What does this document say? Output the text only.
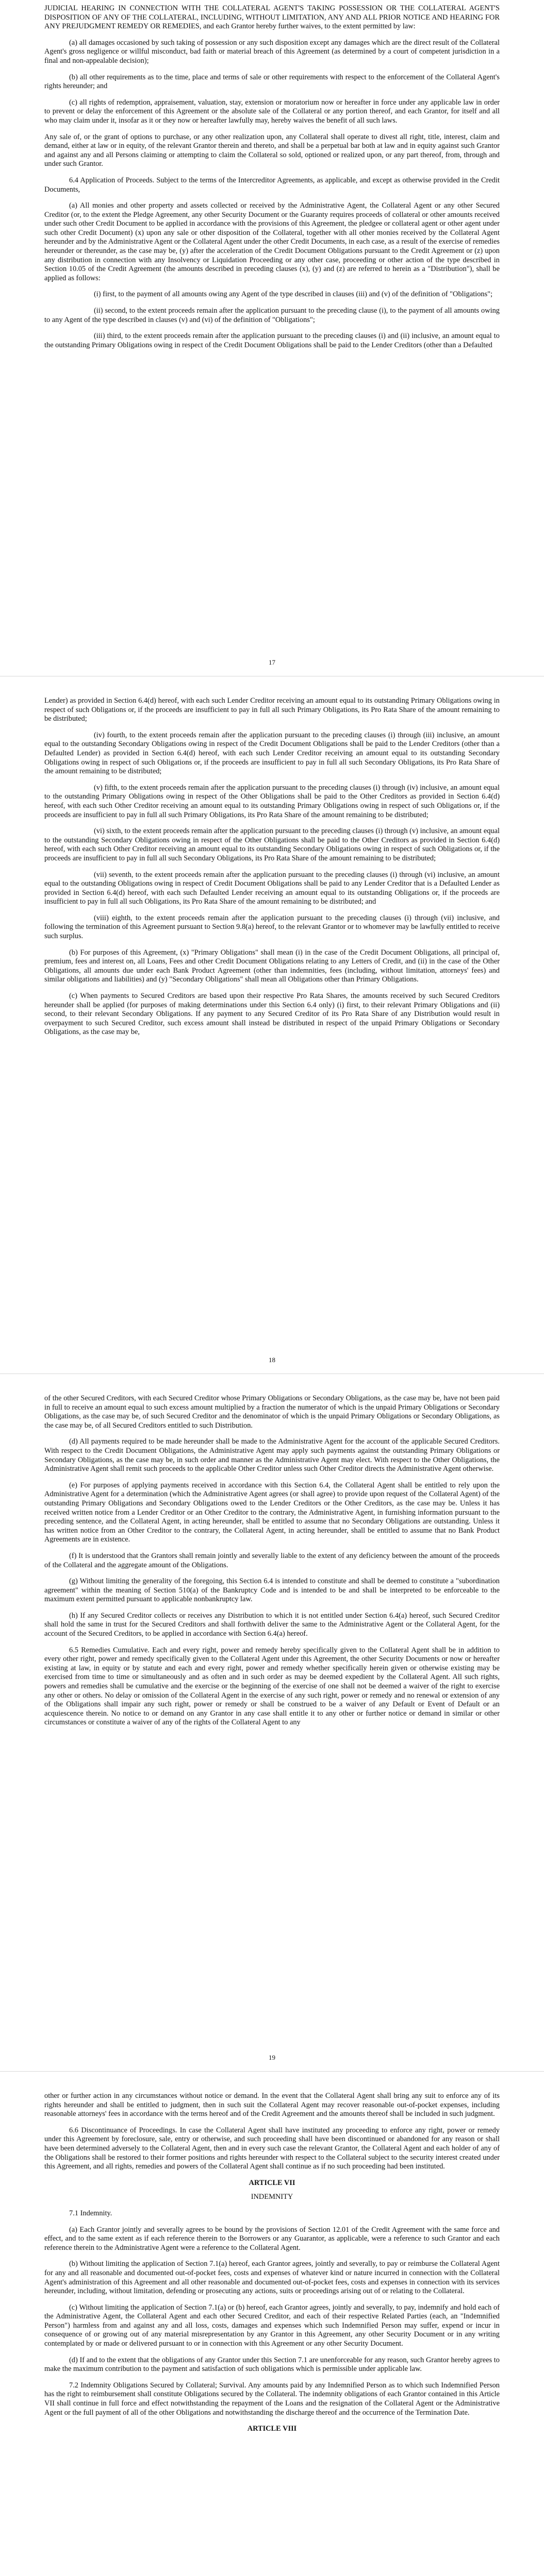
JUDICIAL HEARING IN CONNECTION WITH THE COLLATERAL AGENT'S TAKING POSSESSION OR THE COLLATERAL AGENT'S DISPOSITION OF ANY OF THE COLLATERAL, INCLUDING, WITHOUT LIMITATION, ANY AND ALL PRIOR NOTICE AND HEARING FOR ANY PREJUDGMENT REMEDY OR REMEDIES, and each Grantor hereby further waives, to the extent permitted by law:

(a) all damages occasioned by such taking of possession or any such disposition except any damages which are the direct result of the Collateral Agent's gross negligence or willful misconduct, bad faith or material breach of this Agreement (as determined by a court of competent jurisdiction in a final and non-appealable decision);

(b) all other requirements as to the time, place and terms of sale or other requirements with respect to the enforcement of the Collateral Agent's rights hereunder; and

(c) all rights of redemption, appraisement, valuation, stay, extension or moratorium now or hereafter in force under any applicable law in order to prevent or delay the enforcement of this Agreement or the absolute sale of the Collateral or any portion thereof, and each Grantor, for itself and all who may claim under it, insofar as it or they now or hereafter lawfully may, hereby waives the benefit of all such laws.

Any sale of, or the grant of options to purchase, or any other realization upon, any Collateral shall operate to divest all right, title, interest, claim and demand, either at law or in equity, of the relevant Grantor therein and thereto, and shall be a perpetual bar both at law and in equity against such Grantor and against any and all Persons claiming or attempting to claim the Collateral so sold, optioned or realized upon, or any part thereof, from, through and under such Grantor.

6.4 Application of Proceeds. Subject to the terms of the Intercreditor Agreements, as applicable, and except as otherwise provided in the Credit Documents,

(a) All monies and other property and assets collected or received by the Administrative Agent, the Collateral Agent or any other Secured Creditor (or, to the extent the Pledge Agreement, any other Security Document or the Guaranty requires proceeds of collateral or other amounts received under such other Credit Document to be applied in accordance with the provisions of this Agreement, the pledgee or collateral agent or other agent under such other Credit Document) (x) upon any sale or other disposition of the Collateral, together with all other monies received by the Collateral Agent hereunder and by the Administrative Agent or the Collateral Agent under the other Credit Documents, in each case, as a result of the exercise of remedies hereunder or thereunder, as the case may be, (y) after the acceleration of the Credit Document Obligations pursuant to the Credit Agreement or (z) upon any distribution in connection with any Insolvency or Liquidation Proceeding or any other case, proceeding or other action of the type described in Section 10.05 of the Credit Agreement (the amounts described in preceding clauses (x), (y) and (z) are referred to herein as a "Distribution"), shall be applied as follows:

(i) first, to the payment of all amounts owing any Agent of the type described in clauses (iii) and (v) of the definition of "Obligations";

(ii) second, to the extent proceeds remain after the application pursuant to the preceding clause (i), to the payment of all amounts owing to any Agent of the type described in clauses (v) and (vi) of the definition of "Obligations";

(iii) third, to the extent proceeds remain after the application pursuant to the preceding clauses (i) and (ii) inclusive, an amount equal to the outstanding Primary Obligations owing in respect of the Credit Document Obligations shall be paid to the Lender Creditors (other than a Defaulted

17

Lender) as provided in Section 6.4(d) hereof, with each such Lender Creditor receiving an amount equal to its outstanding Primary Obligations owing in respect of such Obligations or, if the proceeds are insufficient to pay in full all such Primary Obligations, its Pro Rata Share of the amount remaining to be distributed;

(iv) fourth, to the extent proceeds remain after the application pursuant to the preceding clauses (i) through (iii) inclusive, an amount equal to the outstanding Secondary Obligations owing in respect of the Credit Document Obligations shall be paid to the Lender Creditors (other than a Defaulted Lender) as provided in Section 6.4(d) hereof, with each such Lender Creditor receiving an amount equal to its outstanding Secondary Obligations owing in respect of such Obligations or, if the proceeds are insufficient to pay in full all such Secondary Obligations, its Pro Rata Share of the amount remaining to be distributed;

(v) fifth, to the extent proceeds remain after the application pursuant to the preceding clauses (i) through (iv) inclusive, an amount equal to the outstanding Primary Obligations owing in respect of the Other Obligations shall be paid to the Other Creditors as provided in Section 6.4(d) hereof, with each such Other Creditor receiving an amount equal to its outstanding Primary Obligations owing in respect of such Obligations or, if the proceeds are insufficient to pay in full all such Primary Obligations, its Pro Rata Share of the amount remaining to be distributed;

(vi) sixth, to the extent proceeds remain after the application pursuant to the preceding clauses (i) through (v) inclusive, an amount equal to the outstanding Secondary Obligations owing in respect of the Other Obligations shall be paid to the Other Creditors as provided in Section 6.4(d) hereof, with each such Other Creditor receiving an amount equal to its outstanding Secondary Obligations owing in respect of such Obligations or, if the proceeds are insufficient to pay in full all such Secondary Obligations, its Pro Rata Share of the amount remaining to be distributed;

(vii) seventh, to the extent proceeds remain after the application pursuant to the preceding clauses (i) through (vi) inclusive, an amount equal to the outstanding Obligations owing in respect of Credit Document Obligations shall be paid to any Lender Creditor that is a Defaulted Lender as provided in Section 6.4(d) hereof, with each such Defaulted Lender receiving an amount equal to its outstanding Obligations or, if the proceeds are insufficient to pay in full all such Obligations, its Pro Rata Share of the amount remaining to be distributed; and

(viii) eighth, to the extent proceeds remain after the application pursuant to the preceding clauses (i) through (vii) inclusive, and following the termination of this Agreement pursuant to Section 9.8(a) hereof, to the relevant Grantor or to whomever may be lawfully entitled to receive such surplus.

(b) For purposes of this Agreement, (x) "Primary Obligations" shall mean (i) in the case of the Credit Document Obligations, all principal of, premium, fees and interest on, all Loans, Fees and other Credit Document Obligations relating to any Letters of Credit, and (ii) in the case of the Other Obligations, all amounts due under each Bank Product Agreement (other than indemnities, fees (including, without limitation, attorneys' fees) and similar obligations and liabilities) and (y) "Secondary Obligations" shall mean all Obligations other than Primary Obligations.

(c) When payments to Secured Creditors are based upon their respective Pro Rata Shares, the amounts received by such Secured Creditors hereunder shall be applied (for purposes of making determinations under this Section 6.4 only) (i) first, to their relevant Primary Obligations and (ii) second, to their relevant Secondary Obligations. If any payment to any Secured Creditor of its Pro Rata Share of any Distribution would result in overpayment to such Secured Creditor, such excess amount shall instead be distributed in respect of the unpaid Primary Obligations or Secondary Obligations, as the case may be,

18

of the other Secured Creditors, with each Secured Creditor whose Primary Obligations or Secondary Obligations, as the case may be, have not been paid in full to receive an amount equal to such excess amount multiplied by a fraction the numerator of which is the unpaid Primary Obligations or Secondary Obligations, as the case may be, of such Secured Creditor and the denominator of which is the unpaid Primary Obligations or Secondary Obligations, as the case may be, of all Secured Creditors entitled to such Distribution.

(d) All payments required to be made hereunder shall be made to the Administrative Agent for the account of the applicable Secured Creditors. With respect to the Credit Document Obligations, the Administrative Agent may apply such payments against the outstanding Primary Obligations or Secondary Obligations, as the case may be, in such order and manner as the Administrative Agent may elect. With respect to the Other Obligations, the Administrative Agent shall remit such proceeds to the applicable Other Creditor unless such Other Creditor directs the Administrative Agent otherwise.

(e) For purposes of applying payments received in accordance with this Section 6.4, the Collateral Agent shall be entitled to rely upon the Administrative Agent for a determination (which the Administrative Agent agrees (or shall agree) to provide upon request of the Collateral Agent) of the outstanding Primary Obligations and Secondary Obligations owed to the Lender Creditors or the Other Creditors, as the case may be. Unless it has received written notice from a Lender Creditor or an Other Creditor to the contrary, the Administrative Agent, in furnishing information pursuant to the preceding sentence, and the Collateral Agent, in acting hereunder, shall be entitled to assume that no Secondary Obligations are outstanding. Unless it has written notice from an Other Creditor to the contrary, the Collateral Agent, in acting hereunder, shall be entitled to assume that no Bank Product Agreements are in existence.

(f) It is understood that the Grantors shall remain jointly and severally liable to the extent of any deficiency between the amount of the proceeds of the Collateral and the aggregate amount of the Obligations.

(g) Without limiting the generality of the foregoing, this Section 6.4 is intended to constitute and shall be deemed to constitute a "subordination agreement" within the meaning of Section 510(a) of the Bankruptcy Code and is intended to be and shall be interpreted to be enforceable to the maximum extent permitted pursuant to applicable nonbankruptcy law.

(h) If any Secured Creditor collects or receives any Distribution to which it is not entitled under Section 6.4(a) hereof, such Secured Creditor shall hold the same in trust for the Secured Creditors and shall forthwith deliver the same to the Administrative Agent or the Collateral Agent, for the account of the Secured Creditors, to be applied in accordance with Section 6.4(a) hereof.

6.5 Remedies Cumulative. Each and every right, power and remedy hereby specifically given to the Collateral Agent shall be in addition to every other right, power and remedy specifically given to the Collateral Agent under this Agreement, the other Security Documents or now or hereafter existing at law, in equity or by statute and each and every right, power and remedy whether specifically herein given or otherwise existing may be exercised from time to time or simultaneously and as often and in such order as may be deemed expedient by the Collateral Agent. All such rights, powers and remedies shall be cumulative and the exercise or the beginning of the exercise of one shall not be deemed a waiver of the right to exercise any other or others. No delay or omission of the Collateral Agent in the exercise of any such right, power or remedy and no renewal or extension of any of the Obligations shall impair any such right, power or remedy or shall be construed to be a waiver of any Default or Event of Default or an acquiescence therein. No notice to or demand on any Grantor in any case shall entitle it to any other or further notice or demand in similar or other circumstances or constitute a waiver of any of the rights of the Collateral Agent to any

19

other or further action in any circumstances without notice or demand. In the event that the Collateral Agent shall bring any suit to enforce any of its rights hereunder and shall be entitled to judgment, then in such suit the Collateral Agent may recover reasonable out-of-pocket expenses, including reasonable attorneys' fees in accordance with the terms hereof and of the Credit Agreement and the amounts thereof shall be included in such judgment.

6.6 Discontinuance of Proceedings. In case the Collateral Agent shall have instituted any proceeding to enforce any right, power or remedy under this Agreement by foreclosure, sale, entry or otherwise, and such proceeding shall have been discontinued or abandoned for any reason or shall have been determined adversely to the Collateral Agent, then and in every such case the relevant Grantor, the Collateral Agent and each holder of any of the Obligations shall be restored to their former positions and rights hereunder with respect to the Collateral subject to the security interest created under this Agreement, and all rights, remedies and powers of the Collateral Agent shall continue as if no such proceeding had been instituted.

ARTICLE VII
INDEMNITY

7.1 Indemnity.

(a) Each Grantor jointly and severally agrees to be bound by the provisions of Section 12.01 of the Credit Agreement with the same force and effect, and to the same extent as if each reference therein to the Borrowers or any Guarantor, as applicable, were a reference to such Grantor and each reference therein to the Administrative Agent were a reference to the Collateral Agent.

(b) Without limiting the application of Section 7.1(a) hereof, each Grantor agrees, jointly and severally, to pay or reimburse the Collateral Agent for any and all reasonable and documented out-of-pocket fees, costs and expenses of whatever kind or nature incurred in connection with the Collateral Agent's administration of this Agreement and all other reasonable and documented out-of-pocket fees, costs and expenses in connection with its services hereunder, including, without limitation, defending or prosecuting any actions, suits or proceedings arising out of or relating to the Collateral.

(c) Without limiting the application of Section 7.1(a) or (b) hereof, each Grantor agrees, jointly and severally, to pay, indemnify and hold each of the Administrative Agent, the Collateral Agent and each other Secured Creditor, and each of their respective Related Parties (each, an "Indemnified Person") harmless from and against any and all loss, costs, damages and expenses which such Indemnified Person may suffer, expend or incur in consequence of or growing out of any material misrepresentation by any Grantor in this Agreement, any other Security Document or in any writing contemplated by or made or delivered pursuant to or in connection with this Agreement or any other Security Document.

(d) If and to the extent that the obligations of any Grantor under this Section 7.1 are unenforceable for any reason, such Grantor hereby agrees to make the maximum contribution to the payment and satisfaction of such obligations which is permissible under applicable law.

7.2 Indemnity Obligations Secured by Collateral; Survival. Any amounts paid by any Indemnified Person as to which such Indemnified Person has the right to reimbursement shall constitute Obligations secured by the Collateral. The indemnity obligations of each Grantor contained in this Article VII shall continue in full force and effect notwithstanding the repayment of the Loans and the resignation of the Collateral Agent or the Administrative Agent or the full payment of all of the other Obligations and notwithstanding the discharge thereof and the occurrence of the Termination Date.

ARTICLE VIII
